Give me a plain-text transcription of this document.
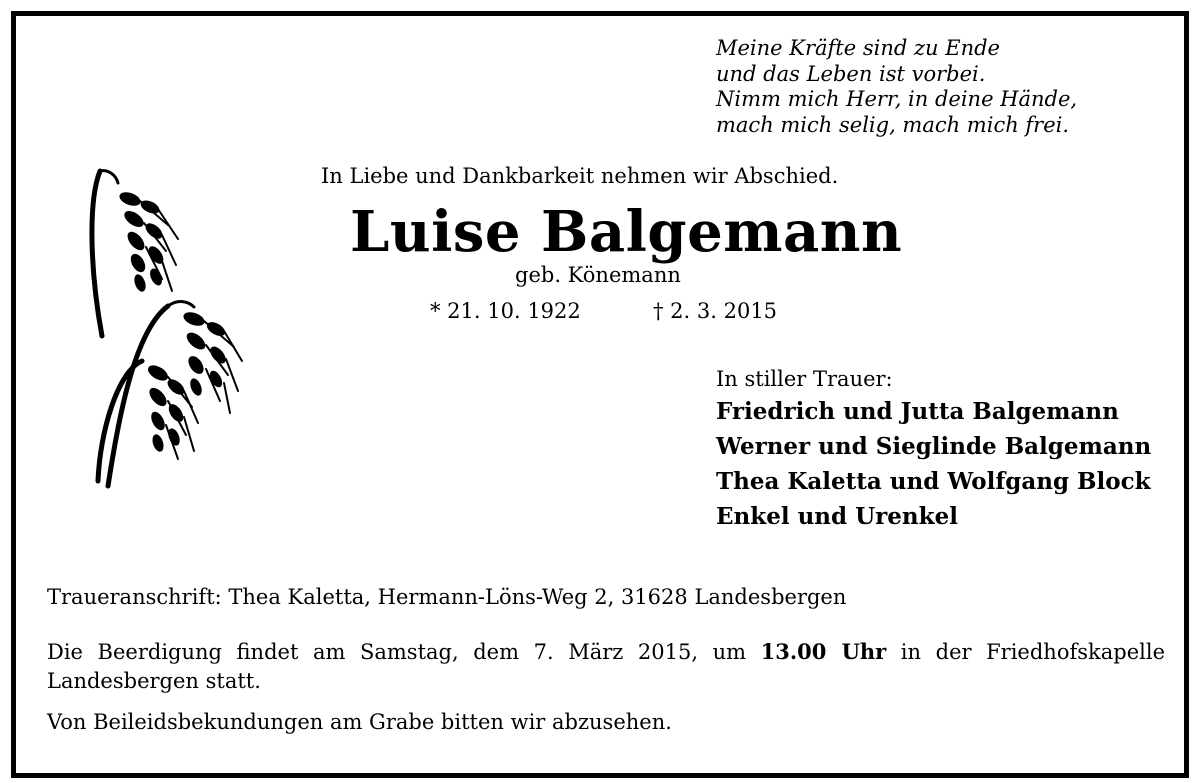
Meine Kräfte sind zu Ende
und das Leben ist vorbei.
Nimm mich Herr, in deine Hände,
mach mich selig, mach mich frei.
In Liebe und Dankbarkeit nehmen wir Abschied.
Luise Balgemann
geb. Könemann
* 21. 10. 1922	† 2. 3. 2015
In stiller Trauer:
Friedrich und Jutta Balgemann
Werner und Sieglinde Balgemann
Thea Kaletta und Wolfgang Block
Enkel und Urenkel
Traueranschrift: Thea Kaletta, Hermann-Löns-Weg 2, 31628 Landesbergen
Die Beerdigung findet am Samstag, dem 7. März 2015, um 13.00 Uhr in der Friedhofskapelle Landesbergen statt.
Von Beileidsbekundungen am Grabe bitten wir abzusehen.
